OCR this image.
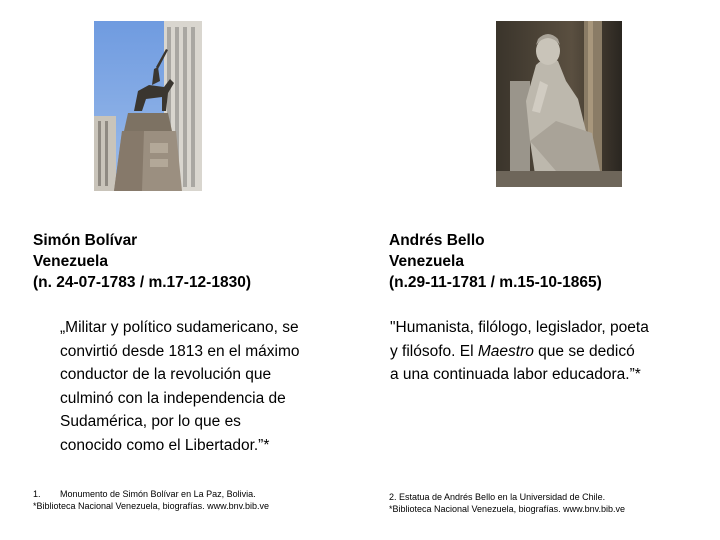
Simón Bolívar
Venezuela
(n. 24-07-1783 / m.17-12-1830)
Andrés Bello
Venezuela
(n.29-11-1781 / m.15-10-1865)
„Militar y político sudamericano, se
convirtió desde 1813 en el máximo
conductor de la revolución que
culminó con la independencia de
Sudamérica, por lo que es
conocido como el Libertador.”*
"Humanista, filólogo, legislador, poeta
y filósofo. El Maestro que se dedicó
a una continuada labor educadora.”*
1. Monumento de Simón Bolívar en La Paz, Bolivia.
*Biblioteca Nacional Venezuela, biografías. www.bnv.bib.ve
2. Estatua de Andrés Bello en la Universidad de Chile.
*Biblioteca Nacional Venezuela, biografías. www.bnv.bib.ve
